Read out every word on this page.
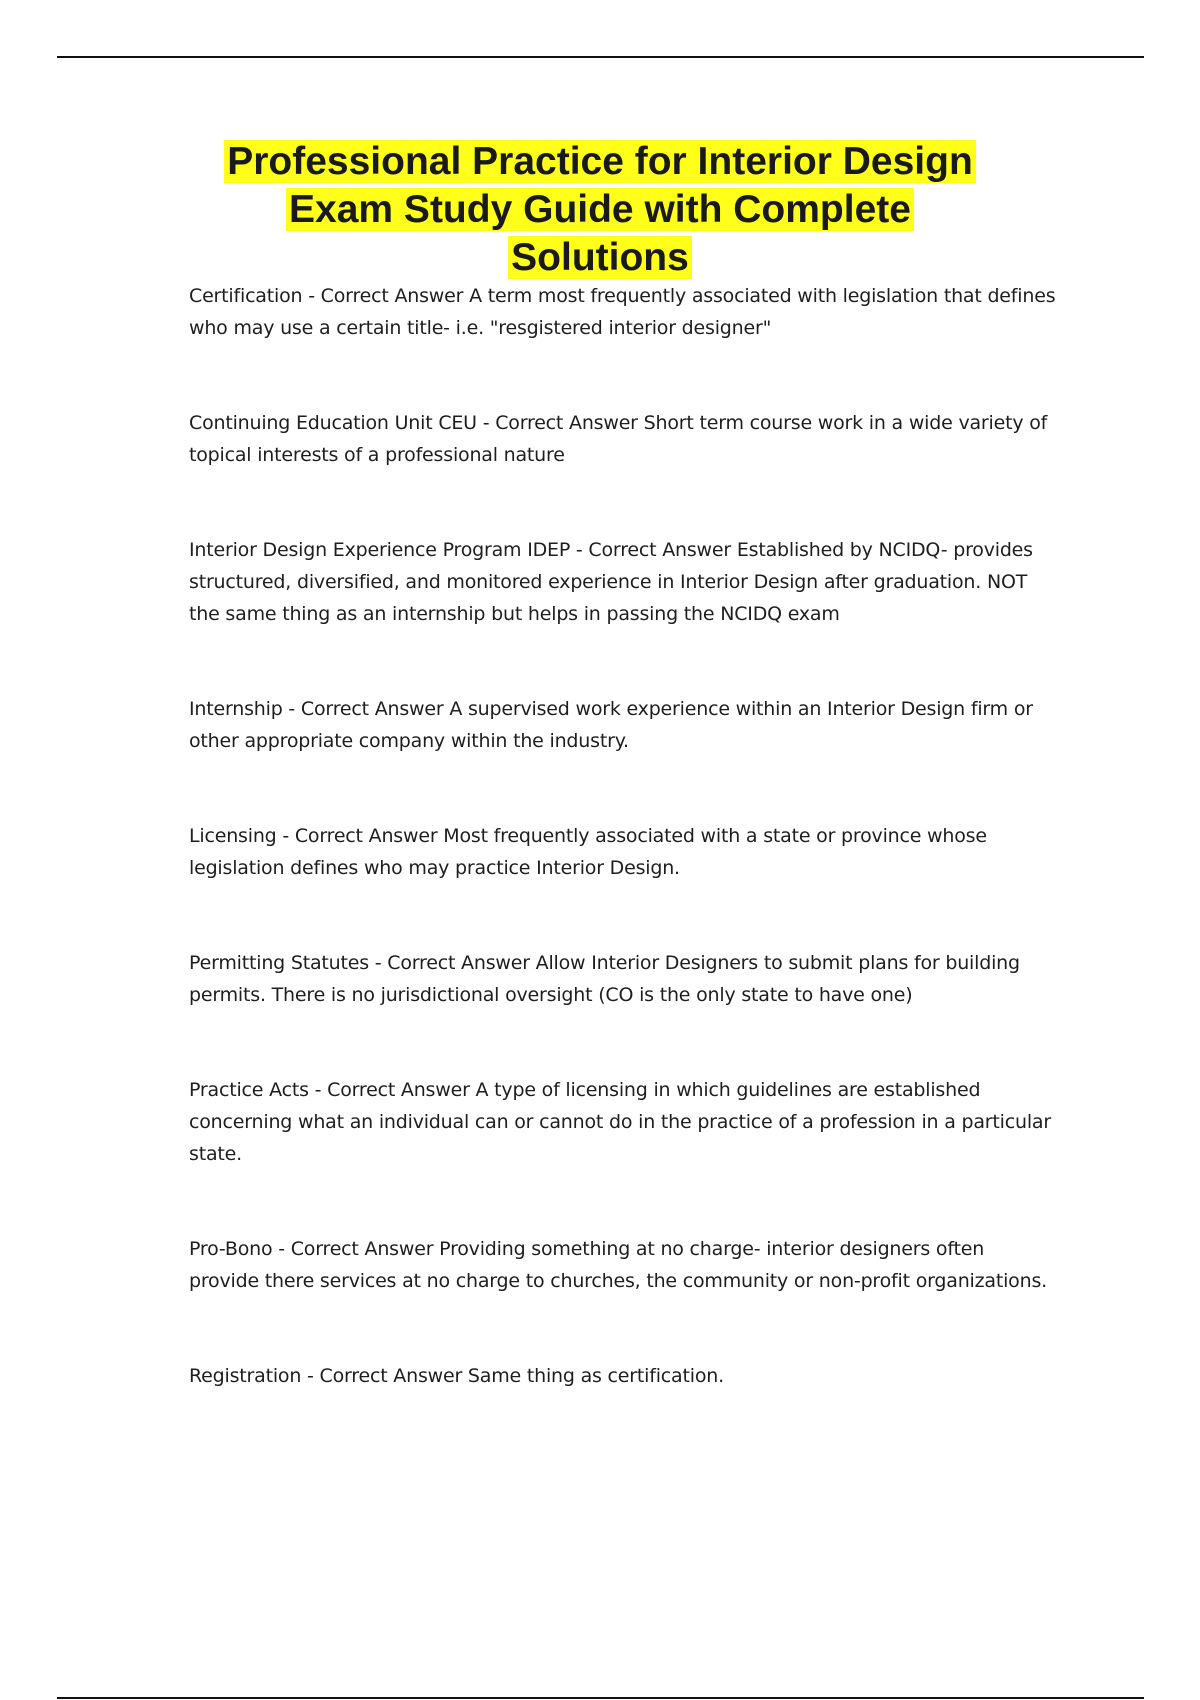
Professional Practice for Interior Design
Exam Study Guide with Complete
Solutions

Certification - Correct Answer A term most frequently associated with legislation that defines who may use a certain title- i.e. "resgistered interior designer"

Continuing Education Unit CEU - Correct Answer Short term course work in a wide variety of topical interests of a professional nature

Interior Design Experience Program IDEP - Correct Answer Established by NCIDQ- provides structured, diversified, and monitored experience in Interior Design after graduation. NOT the same thing as an internship but helps in passing the NCIDQ exam

Internship - Correct Answer A supervised work experience within an Interior Design firm or other appropriate company within the industry.

Licensing - Correct Answer Most frequently associated with a state or province whose legislation defines who may practice Interior Design.

Permitting Statutes - Correct Answer Allow Interior Designers to submit plans for building permits. There is no jurisdictional oversight (CO is the only state to have one)

Practice Acts - Correct Answer A type of licensing in which guidelines are established concerning what an individual can or cannot do in the practice of a profession in a particular state.

Pro-Bono - Correct Answer Providing something at no charge- interior designers often provide there services at no charge to churches, the community or non-profit organizations.

Registration - Correct Answer Same thing as certification.
